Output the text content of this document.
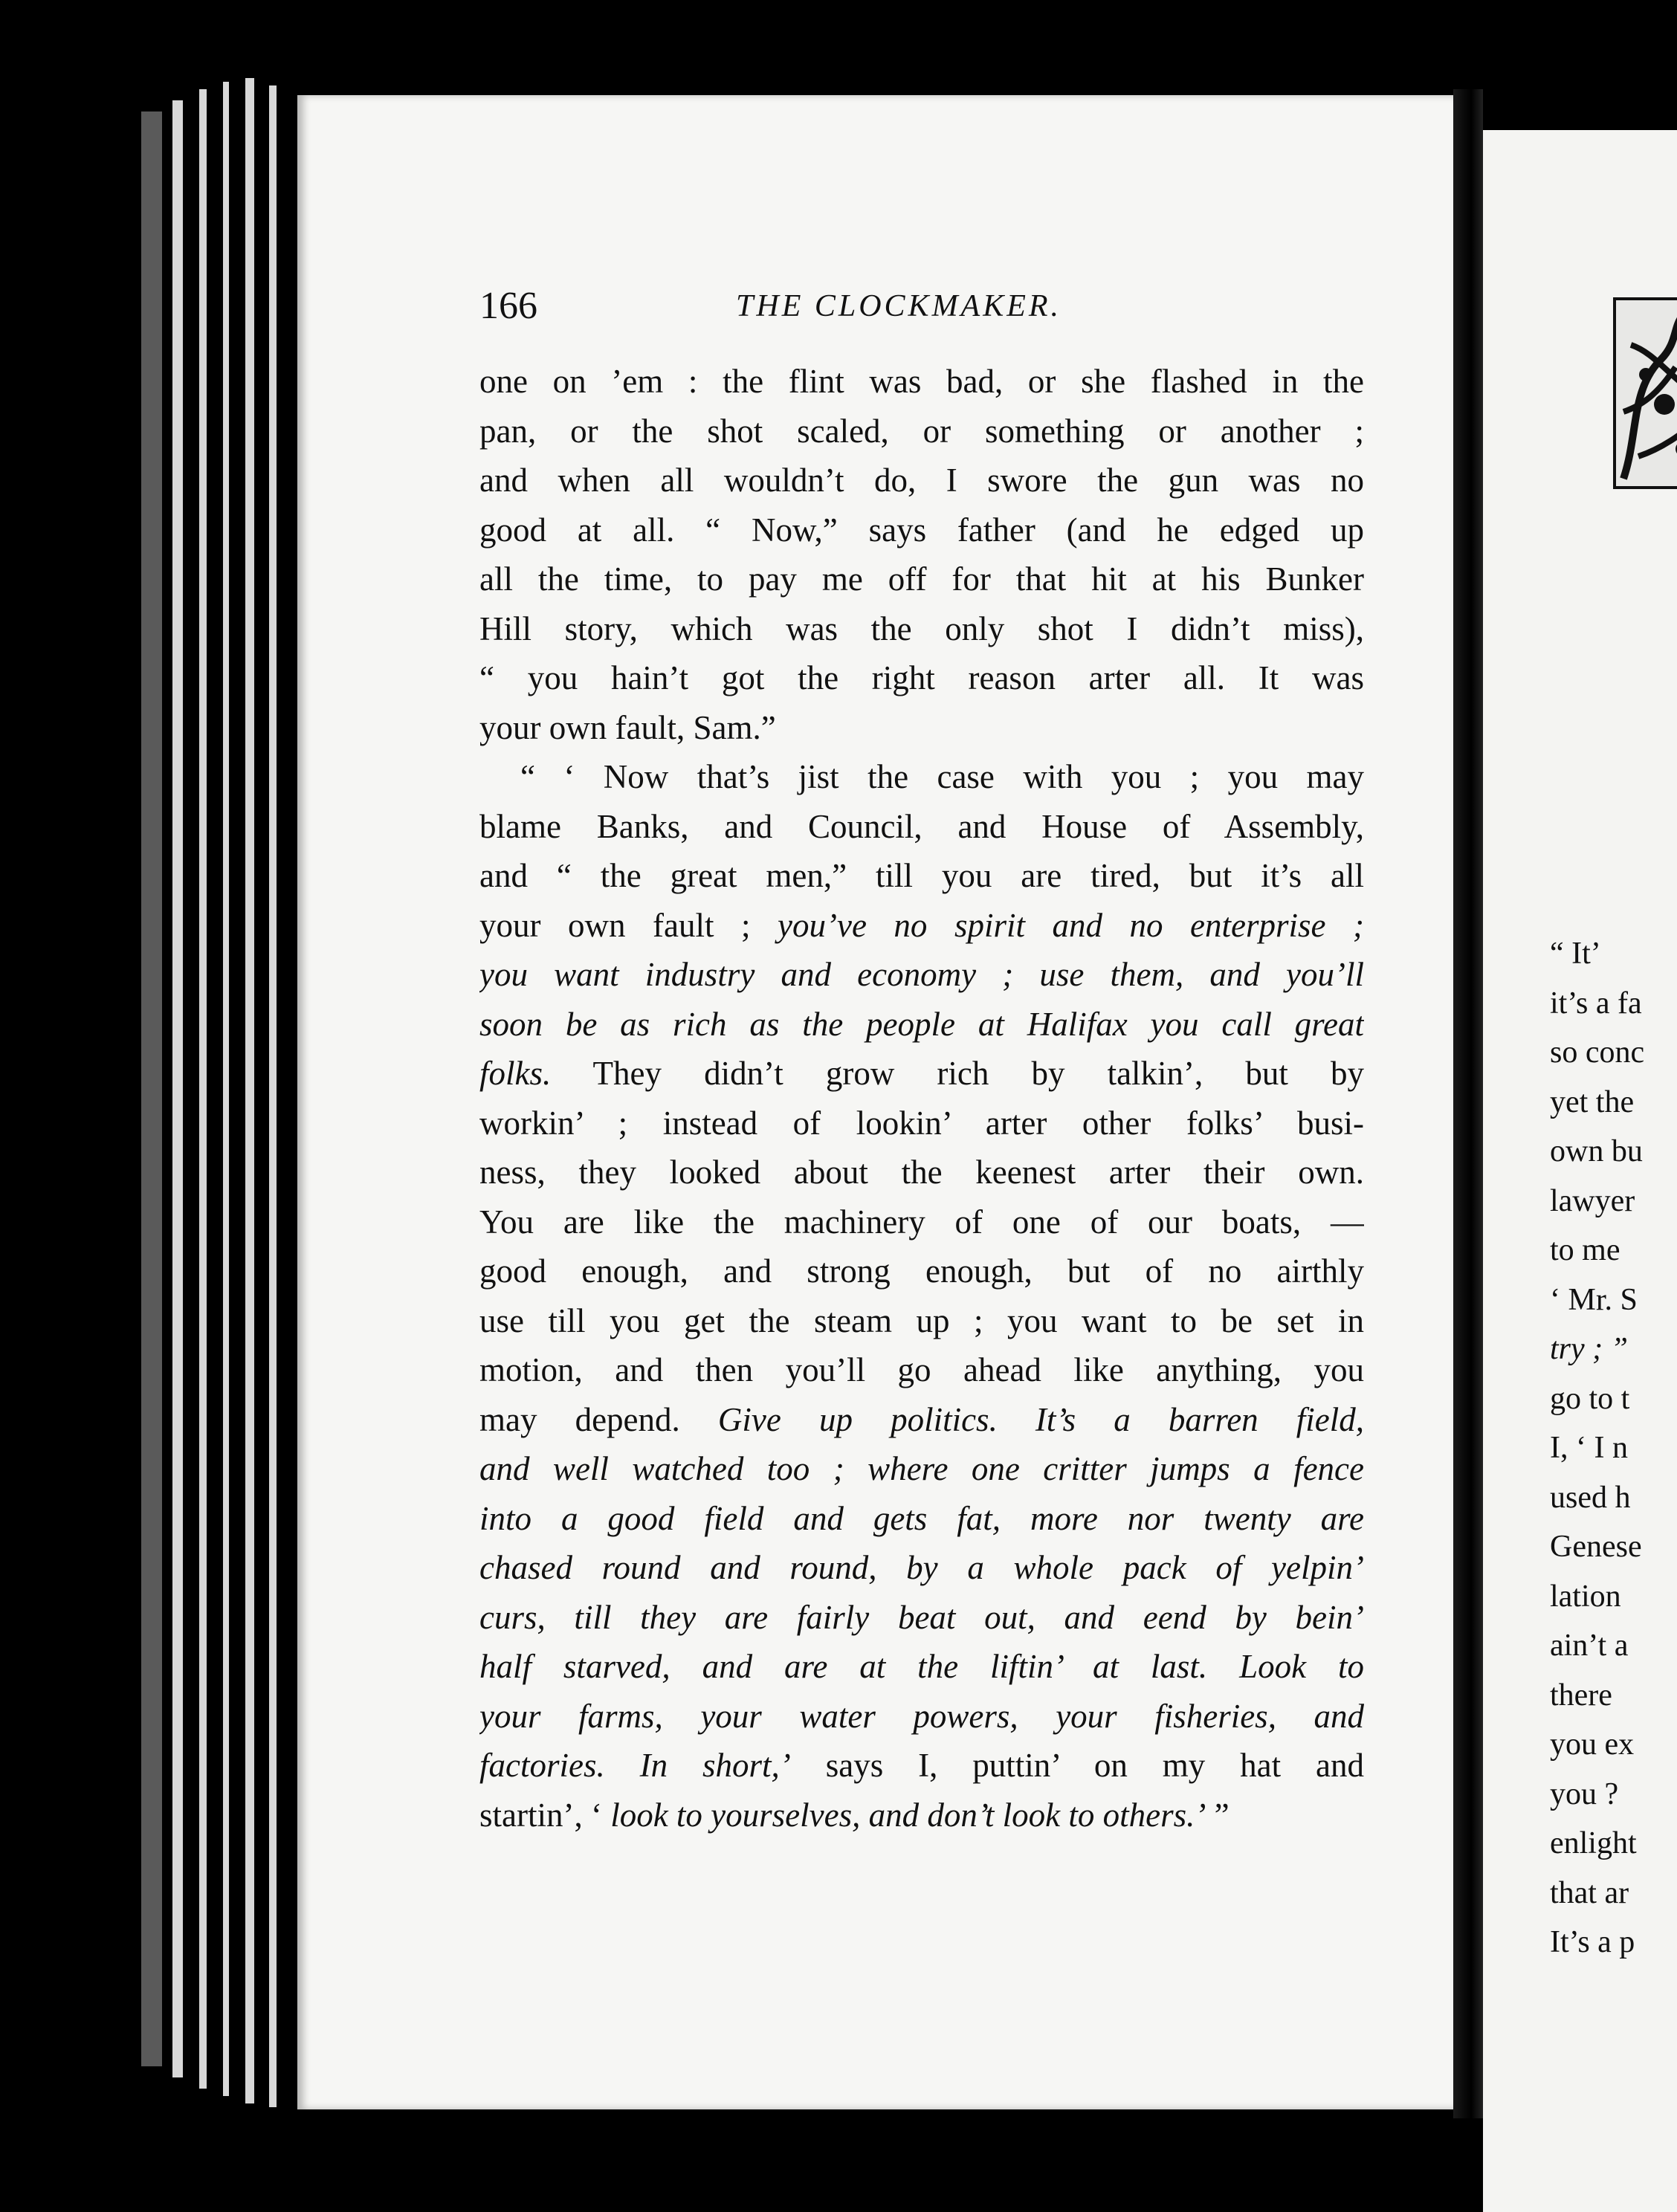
“ It’
it’s a fa
so conc
yet the
own bu
lawyer
to me
‘ Mr. S
try ; ”
go to t
I, ‘ I n
used h
Genese
lation
ain’t a
there
you ex
you ?
enlight
that ar
It’s a p
166	THE CLOCKMAKER.
one on ’em : the flint was bad, or she flashed in the
pan, or the shot scaled, or something or another ;
and when all wouldn’t do, I swore the gun was no
good at all. “ Now,” says father (and he edged up
all the time, to pay me off for that hit at his Bunker
Hill story, which was the only shot I didn’t miss),
“ you hain’t got the right reason arter all. It was
your own fault, Sam.”
“ ‘ Now that’s jist the case with you ; you may
blame Banks, and Council, and House of Assembly,
and “ the great men,” till you are tired, but it’s all
your own fault ; you’ve no spirit and no enterprise ;
you want industry and economy ; use them, and you’ll
soon be as rich as the people at Halifax you call great
folks. They didn’t grow rich by talkin’, but by
workin’ ; instead of lookin’ arter other folks’ busi-
ness, they looked about the keenest arter their own.
You are like the machinery of one of our boats, —
good enough, and strong enough, but of no airthly
use till you get the steam up ; you want to be set in
motion, and then you’ll go ahead like anything, you
may depend. Give up politics. It’s a barren field,
and well watched too ; where one critter jumps a fence
into a good field and gets fat, more nor twenty are
chased round and round, by a whole pack of yelpin’
curs, till they are fairly beat out, and eend by bein’
half starved, and are at the liftin’ at last. Look to
your farms, your water powers, your fisheries, and
factories. In short,’ says I, puttin’ on my hat and
startin’, ‘ look to yourselves, and don’t look to others.’ ”
